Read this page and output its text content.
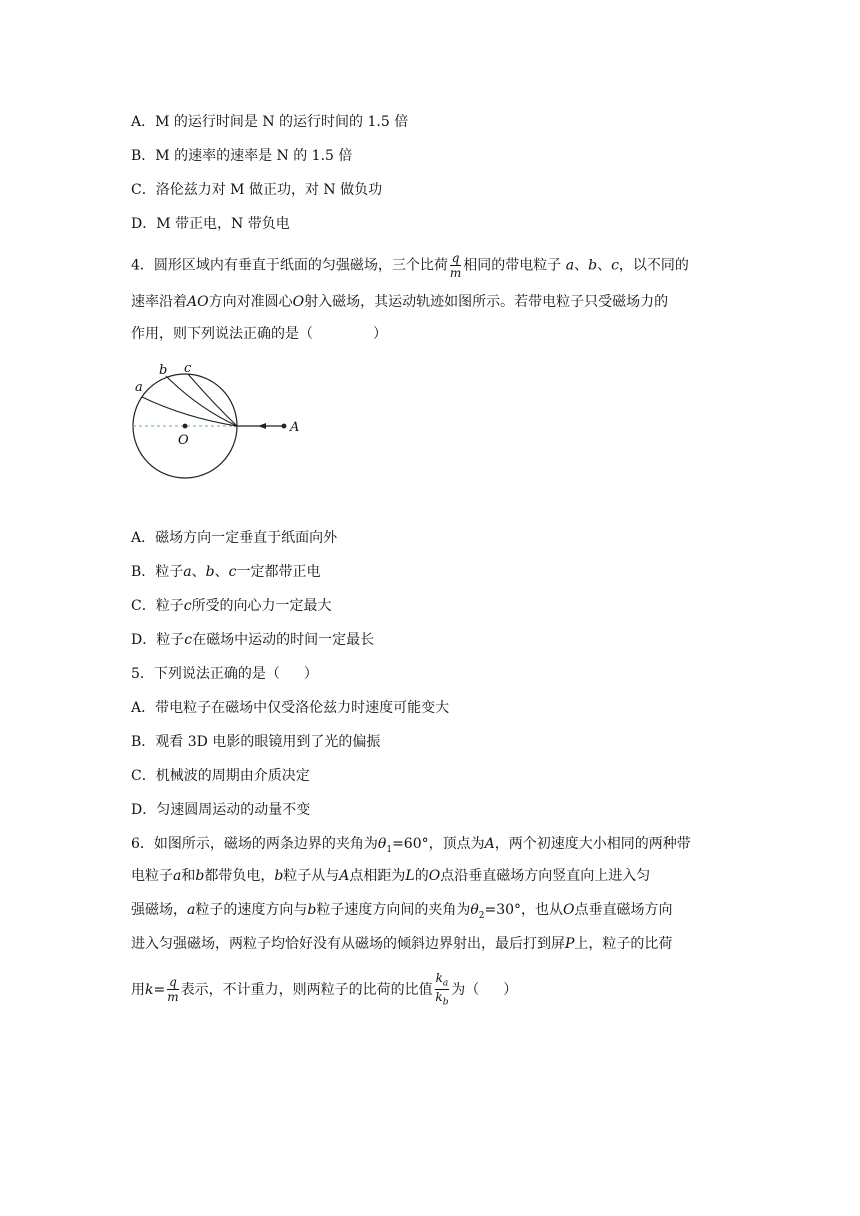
A．M 的运行时间是 N 的运行时间的 1.5 倍
B．M 的速率的速率是 N 的 1.5 倍
C．洛伦兹力对 M 做正功，对 N 做负功
D．M 带正电，N 带负电
4．圆形区域内有垂直于纸面的匀强磁场，三个比荷 $\frac{q}{m}$ 相同的带电粒子 a、b、c，以不同的
速率沿着AO方向对准圆心O射入磁场，其运动轨迹如图所示。若带电粒子只受磁场力的
作用，则下列说法正确的是（	）
a
b c
O
A
A．磁场方向一定垂直于纸面向外
B．粒子a、b、c一定都带正电
C．粒子c所受的向心力一定最大
D．粒子c在磁场中运动的时间一定最长
5．下列说法正确的是（ ）
A．带电粒子在磁场中仅受洛伦兹力时速度可能变大
B．观看 3D 电影的眼镜用到了光的偏振
C．机械波的周期由介质决定
D．匀速圆周运动的动量不变
6．如图所示，磁场的两条边界的夹角为$\theta_1=60^\circ$，顶点为A，两个初速度大小相同的两种带
电粒子a和b都带负电，b粒子从与A点相距为L的O点沿垂直磁场方向竖直向上进入匀
强磁场，a粒子的速度方向与b粒子速度方向间的夹角为$\theta_2=30^\circ$，也从O点垂直磁场方向
进入匀强磁场，两粒子均恰好没有从磁场的倾斜边界射出，最后打到屏P上，粒子的比荷
用$k= \frac{q}{m}$ 表示，不计重力，则两粒子的比荷的比值 $\frac{k_a}{k_b}$ 为（ ）
